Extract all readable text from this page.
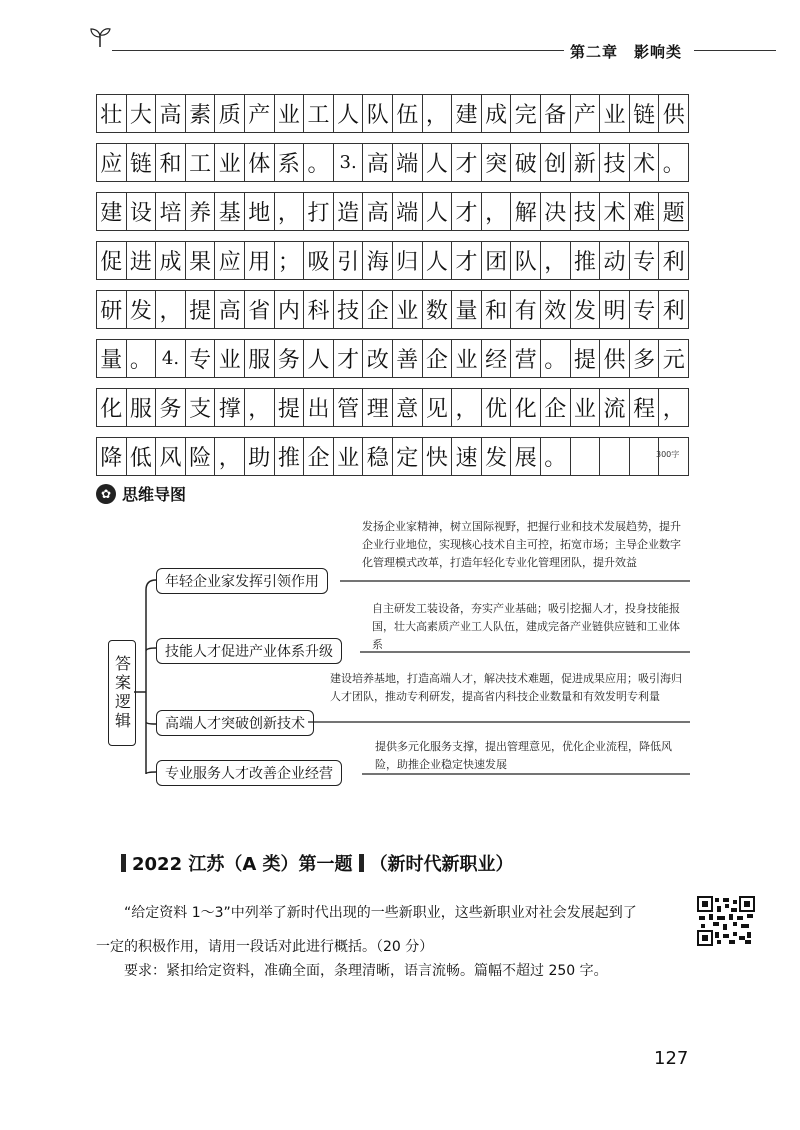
第二章　影响类
壮 大 高 素 质 产 业 工 人 队 伍 ， 建 成 完 备 产 业 链 供
应 链 和 工 业 体 系 。 3. 高 端 人 才 突 破 创 新 技 术 。
建 设 培 养 基 地 ， 打 造 高 端 人 才 ， 解 决 技 术 难 题
促 进 成 果 应 用 ； 吸 引 海 归 人 才 团 队 ， 推 动 专 利
研 发 ， 提 高 省 内 科 技 企 业 数 量 和 有 效 发 明 专 利
量 。 4. 专 业 服 务 人 才 改 善 企 业 经 营 。 提 供 多 元
化 服 务 支 撑 ， 提 出 管 理 意 见 ， 优 化 企 业 流 程 ，
降 低 风 险 ， 助 推 企 业 稳 定 快 速 发 展 。	300字
✿ 思维导图
答案逻辑
年轻企业家发挥引领作用
发扬企业家精神，树立国际视野，把握行业和技术发展趋势，提升企业行业地位，实现核心技术自主可控，拓宽市场；主导企业数字化管理模式改革，打造年轻化专业化管理团队，提升效益
技能人才促进产业体系升级
自主研发工装设备，夯实产业基础；吸引挖掘人才，投身技能报国，壮大高素质产业工人队伍，建成完备产业链供应链和工业体系
高端人才突破创新技术
建设培养基地，打造高端人才，解决技术难题，促进成果应用；吸引海归人才团队，推动专利研发，提高省内科技企业数量和有效发明专利量
专业服务人才改善企业经营
提供多元化服务支撑，提出管理意见，优化企业流程，降低风险，助推企业稳定快速发展
2022 江苏（A 类）第一题 （新时代新职业）

“给定资料 1～3”中列举了新时代出现的一些新职业，这些新职业对社会发展起到了

一定的积极作用，请用一段话对此进行概括。（20 分）

要求：紧扣给定资料，准确全面，条理清晰，语言流畅。篇幅不超过 250 字。
127
